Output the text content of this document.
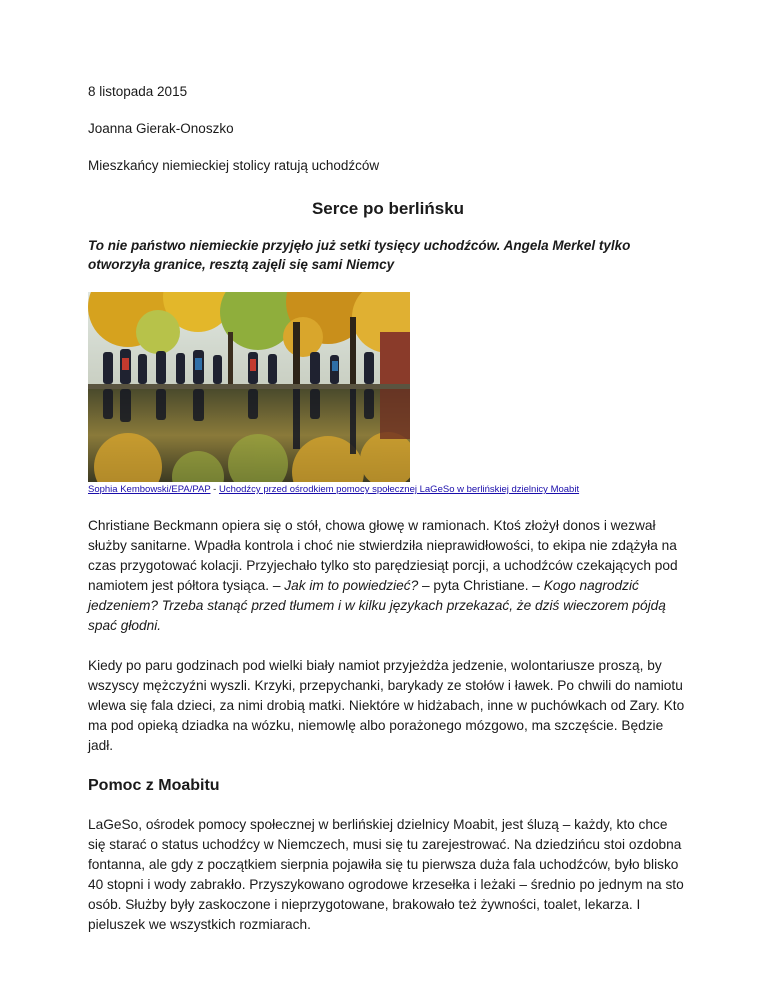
8 listopada 2015

Joanna Gierak-Onoszko

Mieszkańcy niemieckiej stolicy ratują uchodźców

Serce po berlińsku

To nie państwo niemieckie przyjęło już setki tysięcy uchodźców. Angela Merkel tylko otworzyła granice, resztą zajęli się sami Niemcy

Sophia Kembowski/EPA/PAP - Uchodźcy przed ośrodkiem pomocy społecznej LaGeSo w berlińskiej dzielnicy Moabit

Christiane Beckmann opiera się o stół, chowa głowę w ramionach. Ktoś złożył donos i wezwał służby sanitarne. Wpadła kontrola i choć nie stwierdziła nieprawidłowości, to ekipa nie zdążyła na czas przygotować kolacji. Przyjechało tylko sto parędziesiąt porcji, a uchodźców czekających pod namiotem jest półtora tysiąca. – Jak im to powiedzieć? – pyta Christiane. – Kogo nagrodzić jedzeniem? Trzeba stanąć przed tłumem i w kilku językach przekazać, że dziś wieczorem pójdą spać głodni.

Kiedy po paru godzinach pod wielki biały namiot przyjeżdża jedzenie, wolontariusze proszą, by wszyscy mężczyźni wyszli. Krzyki, przepychanki, barykady ze stołów i ławek. Po chwili do namiotu wlewa się fala dzieci, za nimi drobią matki. Niektóre w hidżabach, inne w puchówkach od Zary. Kto ma pod opieką dziadka na wózku, niemowlę albo porażonego mózgowo, ma szczęście. Będzie jadł.

Pomoc z Moabitu

LaGeSo, ośrodek pomocy społecznej w berlińskiej dzielnicy Moabit, jest śluzą – każdy, kto chce się starać o status uchodźcy w Niemczech, musi się tu zarejestrować. Na dziedzińcu stoi ozdobna fontanna, ale gdy z początkiem sierpnia pojawiła się tu pierwsza duża fala uchodźców, było blisko 40 stopni i wody zabrakło. Przyszykowano ogrodowe krzesełka i leżaki – średnio po jednym na sto osób. Służby były zaskoczone i nieprzygotowane, brakowało też żywności, toalet, lekarza. I pieluszek we wszystkich rozmiarach.
